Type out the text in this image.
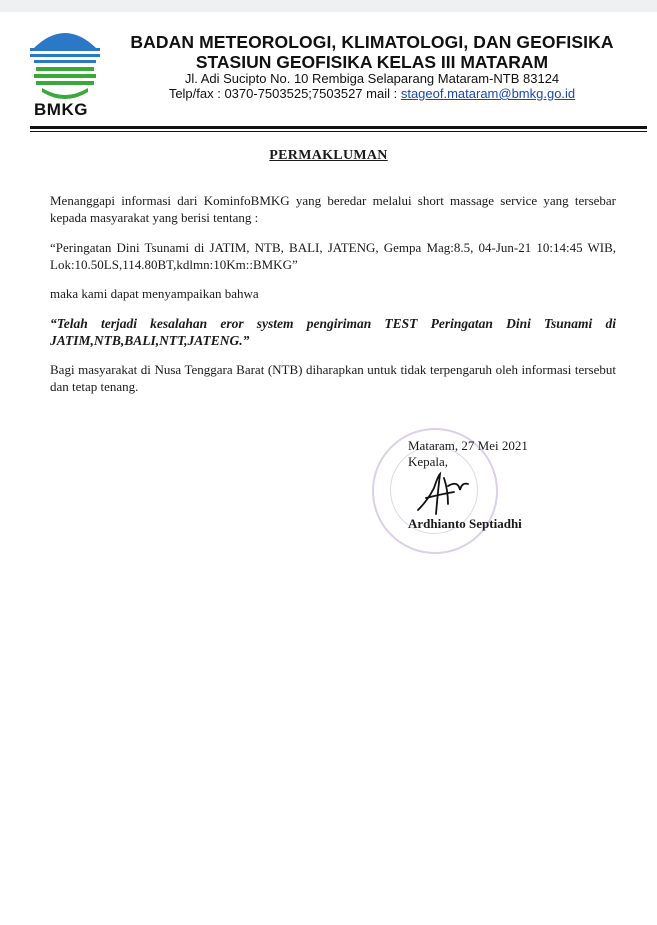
BMKG
BADAN METEOROLOGI, KLIMATOLOGI, DAN GEOFISIKA
STASIUN GEOFISIKA KELAS III MATARAM
Jl. Adi Sucipto No. 10 Rembiga Selaparang Mataram-NTB 83124
Telp/fax : 0370-7503525;7503527 mail : stageof.mataram@bmkg.go.id
PERMAKLUMAN
Menanggapi informasi dari KominfoBMKG yang beredar melalui short massage service yang tersebar kepada masyarakat yang berisi tentang :
“Peringatan Dini Tsunami di JATIM, NTB, BALI, JATENG, Gempa Mag:8.5, 04-Jun-21 10:14:45 WIB, Lok:10.50LS,114.80BT,kdlmn:10Km::BMKG”
maka kami dapat menyampaikan bahwa
“Telah terjadi kesalahan eror system pengiriman TEST Peringatan Dini Tsunami di JATIM,NTB,BALI,NTT,JATENG.”
Bagi masyarakat di Nusa Tenggara Barat (NTB) diharapkan untuk tidak terpengaruh oleh informasi tersebut dan tetap tenang.
Mataram, 27 Mei 2021
Kepala,
Ardhianto Septiadhi
